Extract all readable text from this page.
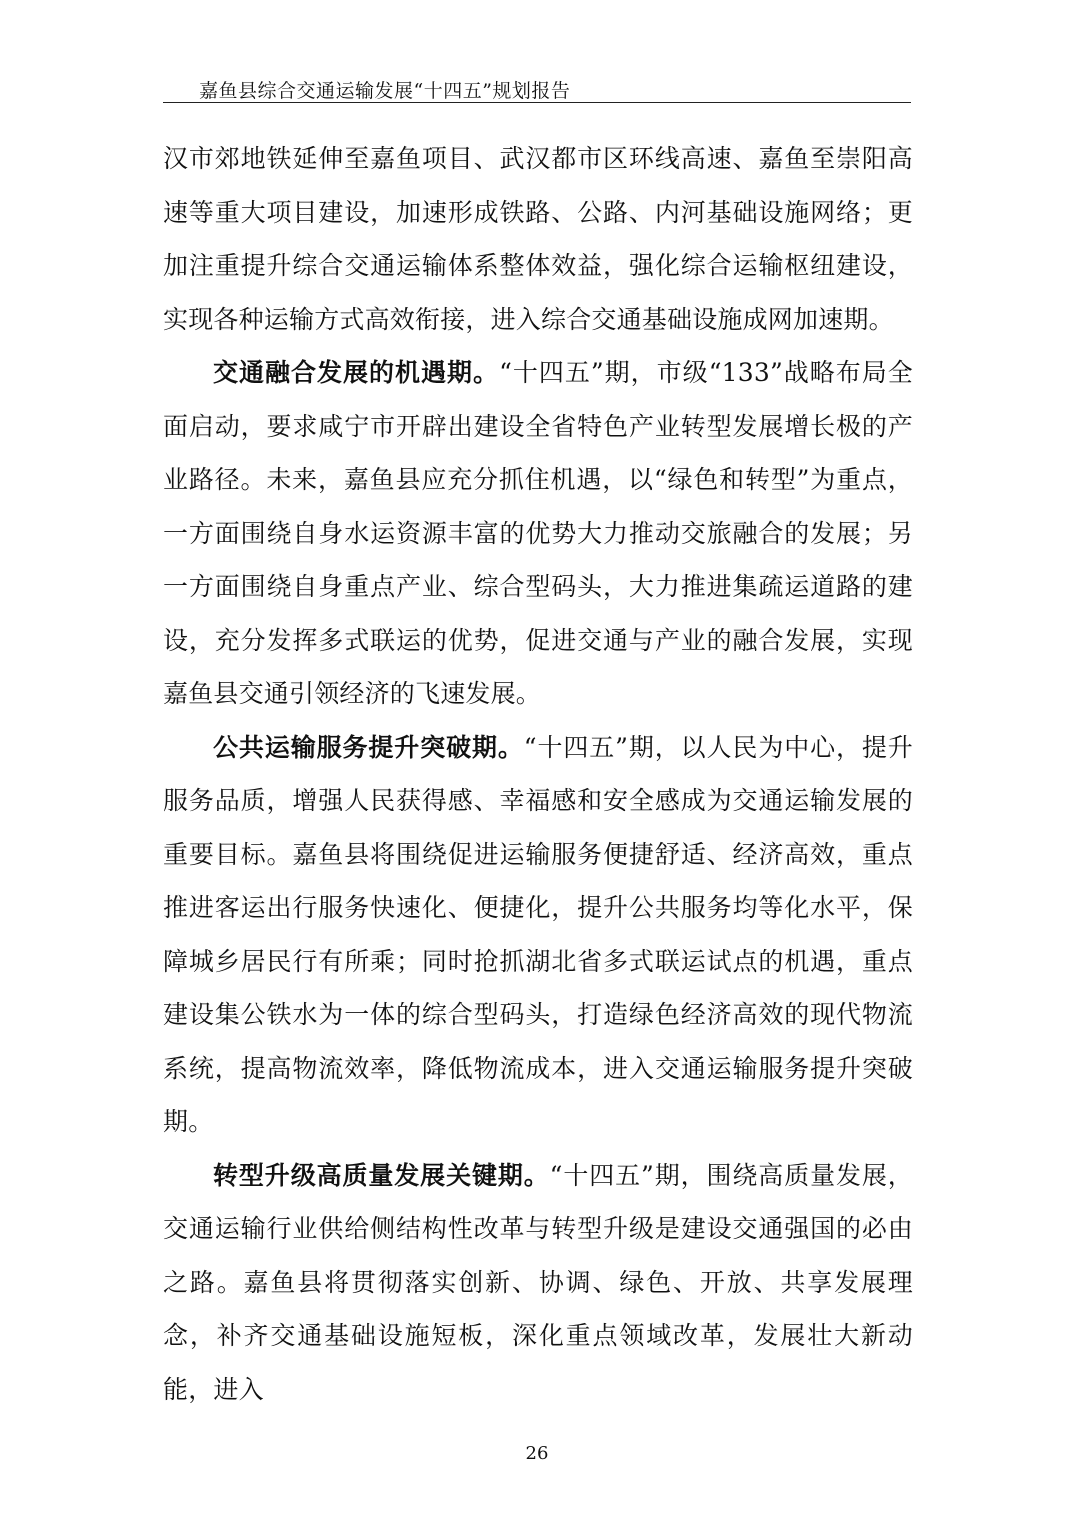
嘉鱼县综合交通运输发展“十四五”规划报告

汉市郊地铁延伸至嘉鱼项目、武汉都市区环线高速、嘉鱼至崇阳高速等重大项目建设，加速形成铁路、公路、内河基础设施网络；更加注重提升综合交通运输体系整体效益，强化综合运输枢纽建设，实现各种运输方式高效衔接，进入综合交通基础设施成网加速期。

交通融合发展的机遇期。“十四五”期，市级“133”战略布局全面启动，要求咸宁市开辟出建设全省特色产业转型发展增长极的产业路径。未来，嘉鱼县应充分抓住机遇，以“绿色和转型”为重点，一方面围绕自身水运资源丰富的优势大力推动交旅融合的发展；另一方面围绕自身重点产业、综合型码头，大力推进集疏运道路的建设，充分发挥多式联运的优势，促进交通与产业的融合发展，实现嘉鱼县交通引领经济的飞速发展。

公共运输服务提升突破期。“十四五”期，以人民为中心，提升服务品质，增强人民获得感、幸福感和安全感成为交通运输发展的重要目标。嘉鱼县将围绕促进运输服务便捷舒适、经济高效，重点推进客运出行服务快速化、便捷化，提升公共服务均等化水平，保障城乡居民行有所乘；同时抢抓湖北省多式联运试点的机遇，重点建设集公铁水为一体的综合型码头，打造绿色经济高效的现代物流系统，提高物流效率，降低物流成本，进入交通运输服务提升突破期。

转型升级高质量发展关键期。“十四五”期，围绕高质量发展，交通运输行业供给侧结构性改革与转型升级是建设交通强国的必由之路。嘉鱼县将贯彻落实创新、协调、绿色、开放、共享发展理念，补齐交通基础设施短板，深化重点领域改革，发展壮大新动能，进入

26
